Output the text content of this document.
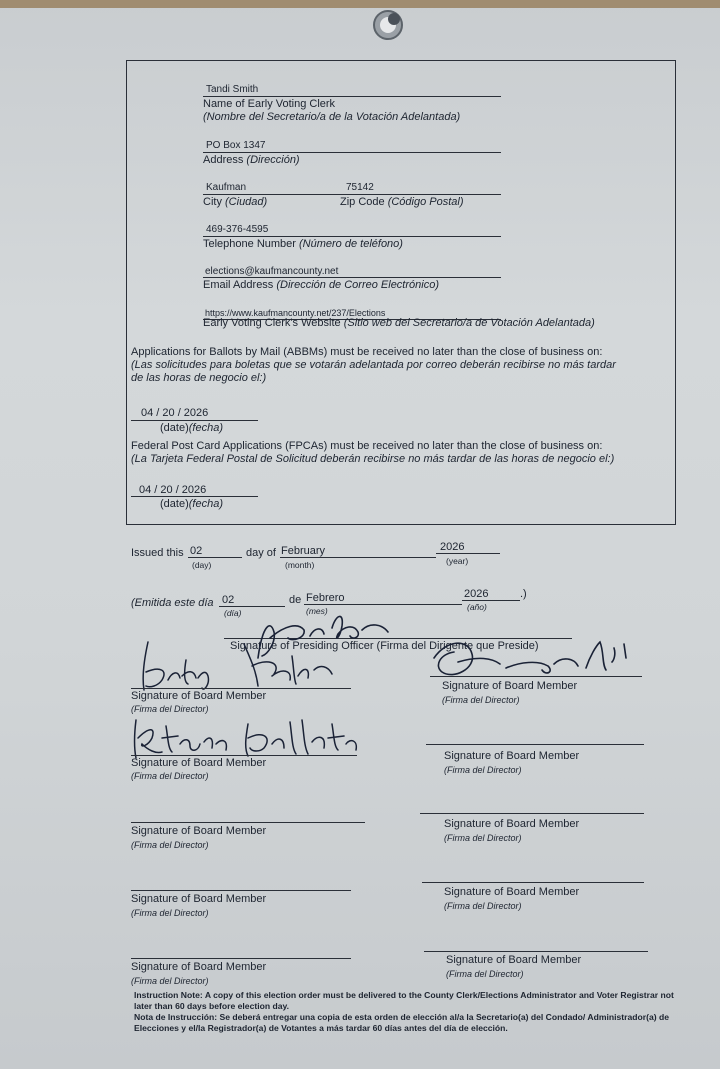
Tandi Smith
Name of Early Voting Clerk
(Nombre del Secretario/a de la Votación Adelantada)
PO Box 1347
Address (Dirección)
Kaufman	75142
City (Ciudad)	Zip Code (Código Postal)
469-376-4595
Telephone Number (Número de teléfono)
elections@kaufmancounty.net
Email Address (Dirección de Correo Electrónico)
https://www.kaufmancounty.net/237/Elections
Early Voting Clerk's Website (Sitio web del Secretario/a de Votación Adelantada)
Applications for Ballots by Mail (ABBMs) must be received no later than the close of business on:
(Las solicitudes para boletas que se votarán adelantada por correo deberán recibirse no más tardar
de las horas de negocio el:)
04 / 20 / 2026
(date)(fecha)
Federal Post Card Applications (FPCAs) must be received no later than the close of business on:
(La Tarjeta Federal Postal de Solicitud deberán recibirse no más tardar de las horas de negocio el:)
04 / 20 / 2026
(date)(fecha)
Issued this 02
(day)
day of February
(month)
2026
(year)
(Emitida este día 02
(día)
de Febrero
(mes)
2026
(año)
.)
Signature of Presiding Officer (Firma del Dirigente que Preside)
Signature of Board Member
(Firma del Director)
Signature of Board Member
(Firma del Director)
Signature of Board Member
(Firma del Director)
Signature of Board Member
(Firma del Director)
Signature of Board Member
(Firma del Director)
Signature of Board Member
(Firma del Director)
Signature of Board Member
(Firma del Director)
Signature of Board Member
(Firma del Director)
Signature of Board Member
(Firma del Director)
Signature of Board Member
(Firma del Director)
Instruction Note: A copy of this election order must be delivered to the County Clerk/Elections Administrator and Voter Registrar not later than 60 days before election day.
Nota de Instrucción: Se deberá entregar una copia de esta orden de elección al/a la Secretario(a) del Condado/ Administrador(a) de Elecciones y el/la Registrador(a) de Votantes a más tardar 60 días antes del día de elección.
